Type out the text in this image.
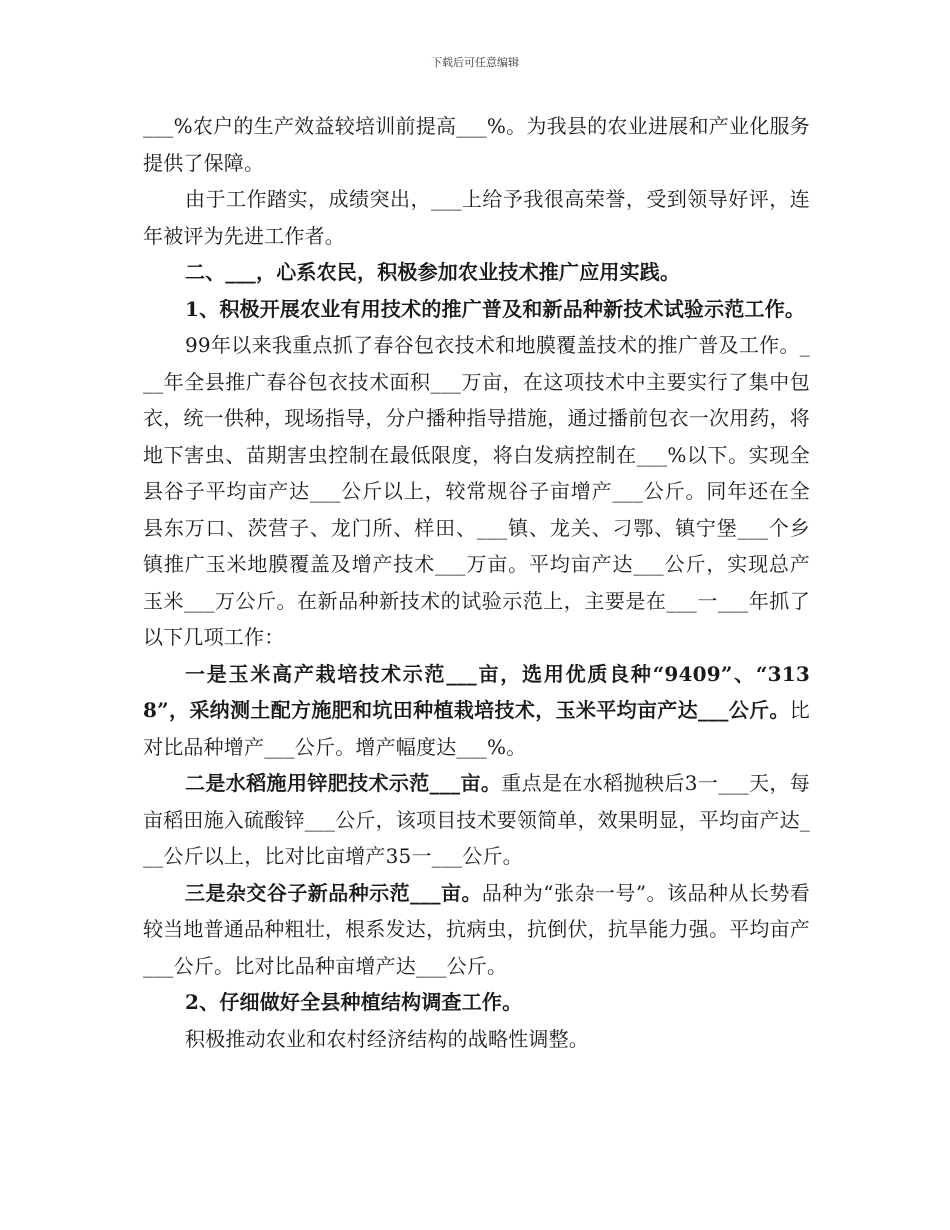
下载后可任意编辑

___%农户的生产效益较培训前提高___%。为我县的农业进展和产业化服务提供了保障。

由于工作踏实，成绩突出，___上给予我很高荣誉，受到领导好评，连年被评为先进工作者。

二、___，心系农民，积极参加农业技术推广应用实践。

1、积极开展农业有用技术的推广普及和新品种新技术试验示范工作。

99年以来我重点抓了春谷包衣技术和地膜覆盖技术的推广普及工作。___年全县推广春谷包衣技术面积___万亩，在这项技术中主要实行了集中包衣，统一供种，现场指导，分户播种指导措施，通过播前包衣一次用药，将地下害虫、苗期害虫控制在最低限度，将白发病控制在___%以下。实现全县谷子平均亩产达___公斤以上，较常规谷子亩增产___公斤。同年还在全县东万口、茨营子、龙门所、样田、___镇、龙关、刁鄂、镇宁堡___个乡镇推广玉米地膜覆盖及增产技术___万亩。平均亩产达___公斤，实现总产玉米___万公斤。在新品种新技术的试验示范上，主要是在___一___年抓了以下几项工作：

一是玉米高产栽培技术示范___亩，选用优质良种“9409”、“3138”，采纳测土配方施肥和坑田种植栽培技术，玉米平均亩产达___公斤。比对比品种增产___公斤。增产幅度达___%。

二是水稻施用锌肥技术示范___亩。重点是在水稻抛秧后3一___天，每亩稻田施入硫酸锌___公斤，该项目技术要领简单，效果明显，平均亩产达___公斤以上，比对比亩增产35一___公斤。

三是杂交谷子新品种示范___亩。品种为“张杂一号”。该品种从长势看较当地普通品种粗壮，根系发达，抗病虫，抗倒伏，抗旱能力强。平均亩产___公斤。比对比品种亩增产达___公斤。

2、仔细做好全县种植结构调查工作。

积极推动农业和农村经济结构的战略性调整。
